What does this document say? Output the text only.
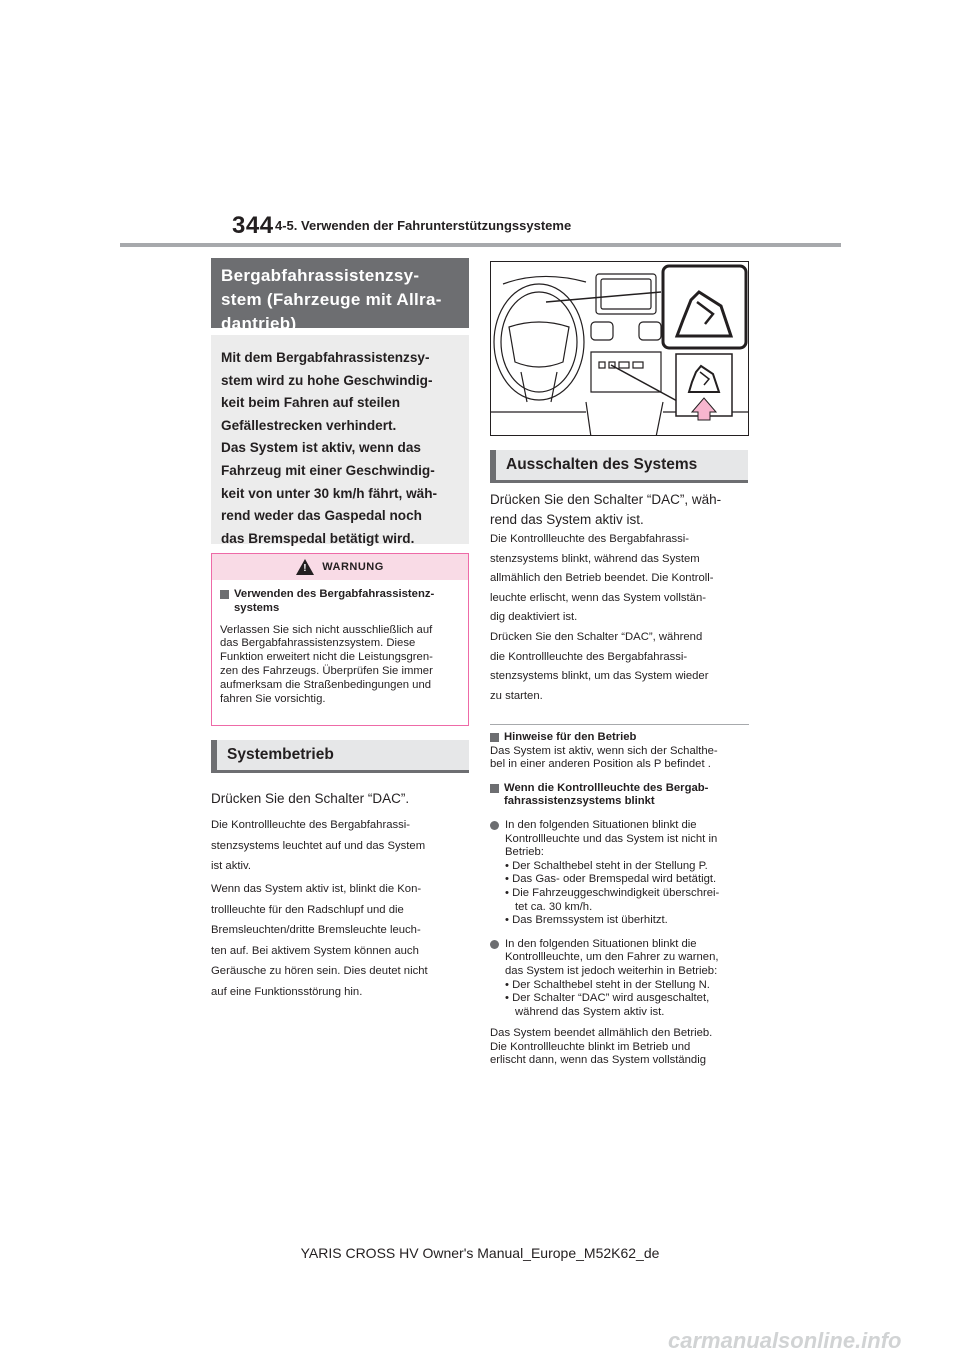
344 4-5. Verwenden der Fahrunterstützungssysteme
Bergabfahrassistenzsy-
stem (Fahrzeuge mit Allra-
dantrieb)
Mit dem Bergabfahrassistenzsy-
stem wird zu hohe Geschwindig-
keit beim Fahren auf steilen
Gefällestrecken verhindert.
Das System ist aktiv, wenn das
Fahrzeug mit einer Geschwindig-
keit von unter 30 km/h fährt, wäh-
rend weder das Gaspedal noch
das Bremspedal betätigt wird.
! WARNUNG
Verwenden des Bergabfahrassistenz-systems
Verlassen Sie sich nicht ausschließlich auf
das Bergabfahrassistenzsystem. Diese
Funktion erweitert nicht die Leistungsgren-
zen des Fahrzeugs. Überprüfen Sie immer
aufmerksam die Straßenbedingungen und
fahren Sie vorsichtig.
Systembetrieb
Drücken Sie den Schalter “DAC”.
Die Kontrollleuchte des Bergabfahrassi-
stenzsystems leuchtet auf und das System
ist aktiv.
Wenn das System aktiv ist, blinkt die Kon-
trollleuchte für den Radschlupf und die
Bremsleuchten/dritte Bremsleuchte leuch-
ten auf. Bei aktivem System können auch
Geräusche zu hören sein. Dies deutet nicht
auf eine Funktionsstörung hin.
Ausschalten des Systems
Drücken Sie den Schalter “DAC”, wäh-
rend das System aktiv ist.
Die Kontrollleuchte des Bergabfahrassi-
stenzsystems blinkt, während das System
allmählich den Betrieb beendet. Die Kontroll-
leuchte erlischt, wenn das System vollstän-
dig deaktiviert ist.
Drücken Sie den Schalter “DAC”, während
die Kontrollleuchte des Bergabfahrassi-
stenzsystems blinkt, um das System wieder
zu starten.
Hinweise für den Betrieb
Das System ist aktiv, wenn sich der Schalthe-
bel in einer anderen Position als P befindet .
Wenn die Kontrollleuchte des Bergab-
fahrassistenzsystems blinkt
In den folgenden Situationen blinkt die
Kontrollleuchte und das System ist nicht in
Betrieb:
• Der Schalthebel steht in der Stellung P.
• Das Gas- oder Bremspedal wird betätigt.
• Die Fahrzeuggeschwindigkeit überschrei-
tet ca. 30 km/h.
• Das Bremssystem ist überhitzt.
In den folgenden Situationen blinkt die
Kontrollleuchte, um den Fahrer zu warnen,
das System ist jedoch weiterhin in Betrieb:
• Der Schalthebel steht in der Stellung N.
• Der Schalter “DAC” wird ausgeschaltet,
während das System aktiv ist.
Das System beendet allmählich den Betrieb.
Die Kontrollleuchte blinkt im Betrieb und
erlischt dann, wenn das System vollständig
YARIS CROSS HV Owner's Manual_Europe_M52K62_de
carmanualsonline.info
